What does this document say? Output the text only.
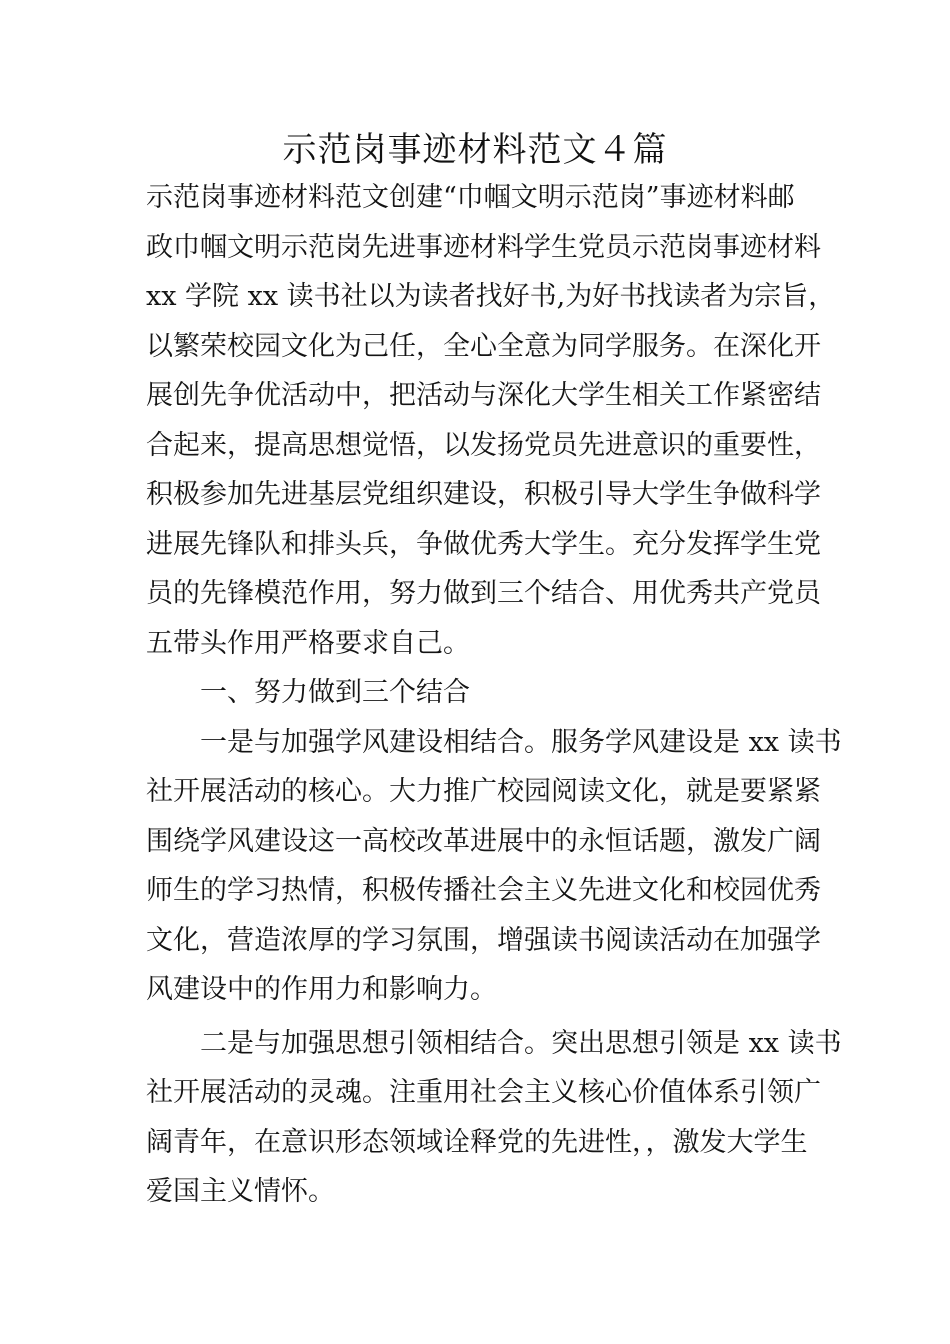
示范岗事迹材料范文４篇
示范岗事迹材料范文创建“巾帼文明示范岗”事迹材料邮
政巾帼文明示范岗先进事迹材料学生党员示范岗事迹材料
xx 学院 xx 读书社以为读者找好书,为好书找读者为宗旨，
以繁荣校园文化为己任，全心全意为同学服务。在深化开
展创先争优活动中，把活动与深化大学生相关工作紧密结
合起来，提高思想觉悟，以发扬党员先进意识的重要性，
积极参加先进基层党组织建设，积极引导大学生争做科学
进展先锋队和排头兵，争做优秀大学生。充分发挥学生党
员的先锋模范作用，努力做到三个结合、用优秀共产党员
五带头作用严格要求自己。
一、努力做到三个结合
一是与加强学风建设相结合。服务学风建设是 xx 读书
社开展活动的核心。大力推广校园阅读文化，就是要紧紧
围绕学风建设这一高校改革进展中的永恒话题，激发广阔
师生的学习热情，积极传播社会主义先进文化和校园优秀
文化，营造浓厚的学习氛围，增强读书阅读活动在加强学
风建设中的作用力和影响力。
二是与加强思想引领相结合。突出思想引领是 xx 读书
社开展活动的灵魂。注重用社会主义核心价值体系引领广
阔青年，在意识形态领域诠释党的先进性，，激发大学生
爱国主义情怀。
